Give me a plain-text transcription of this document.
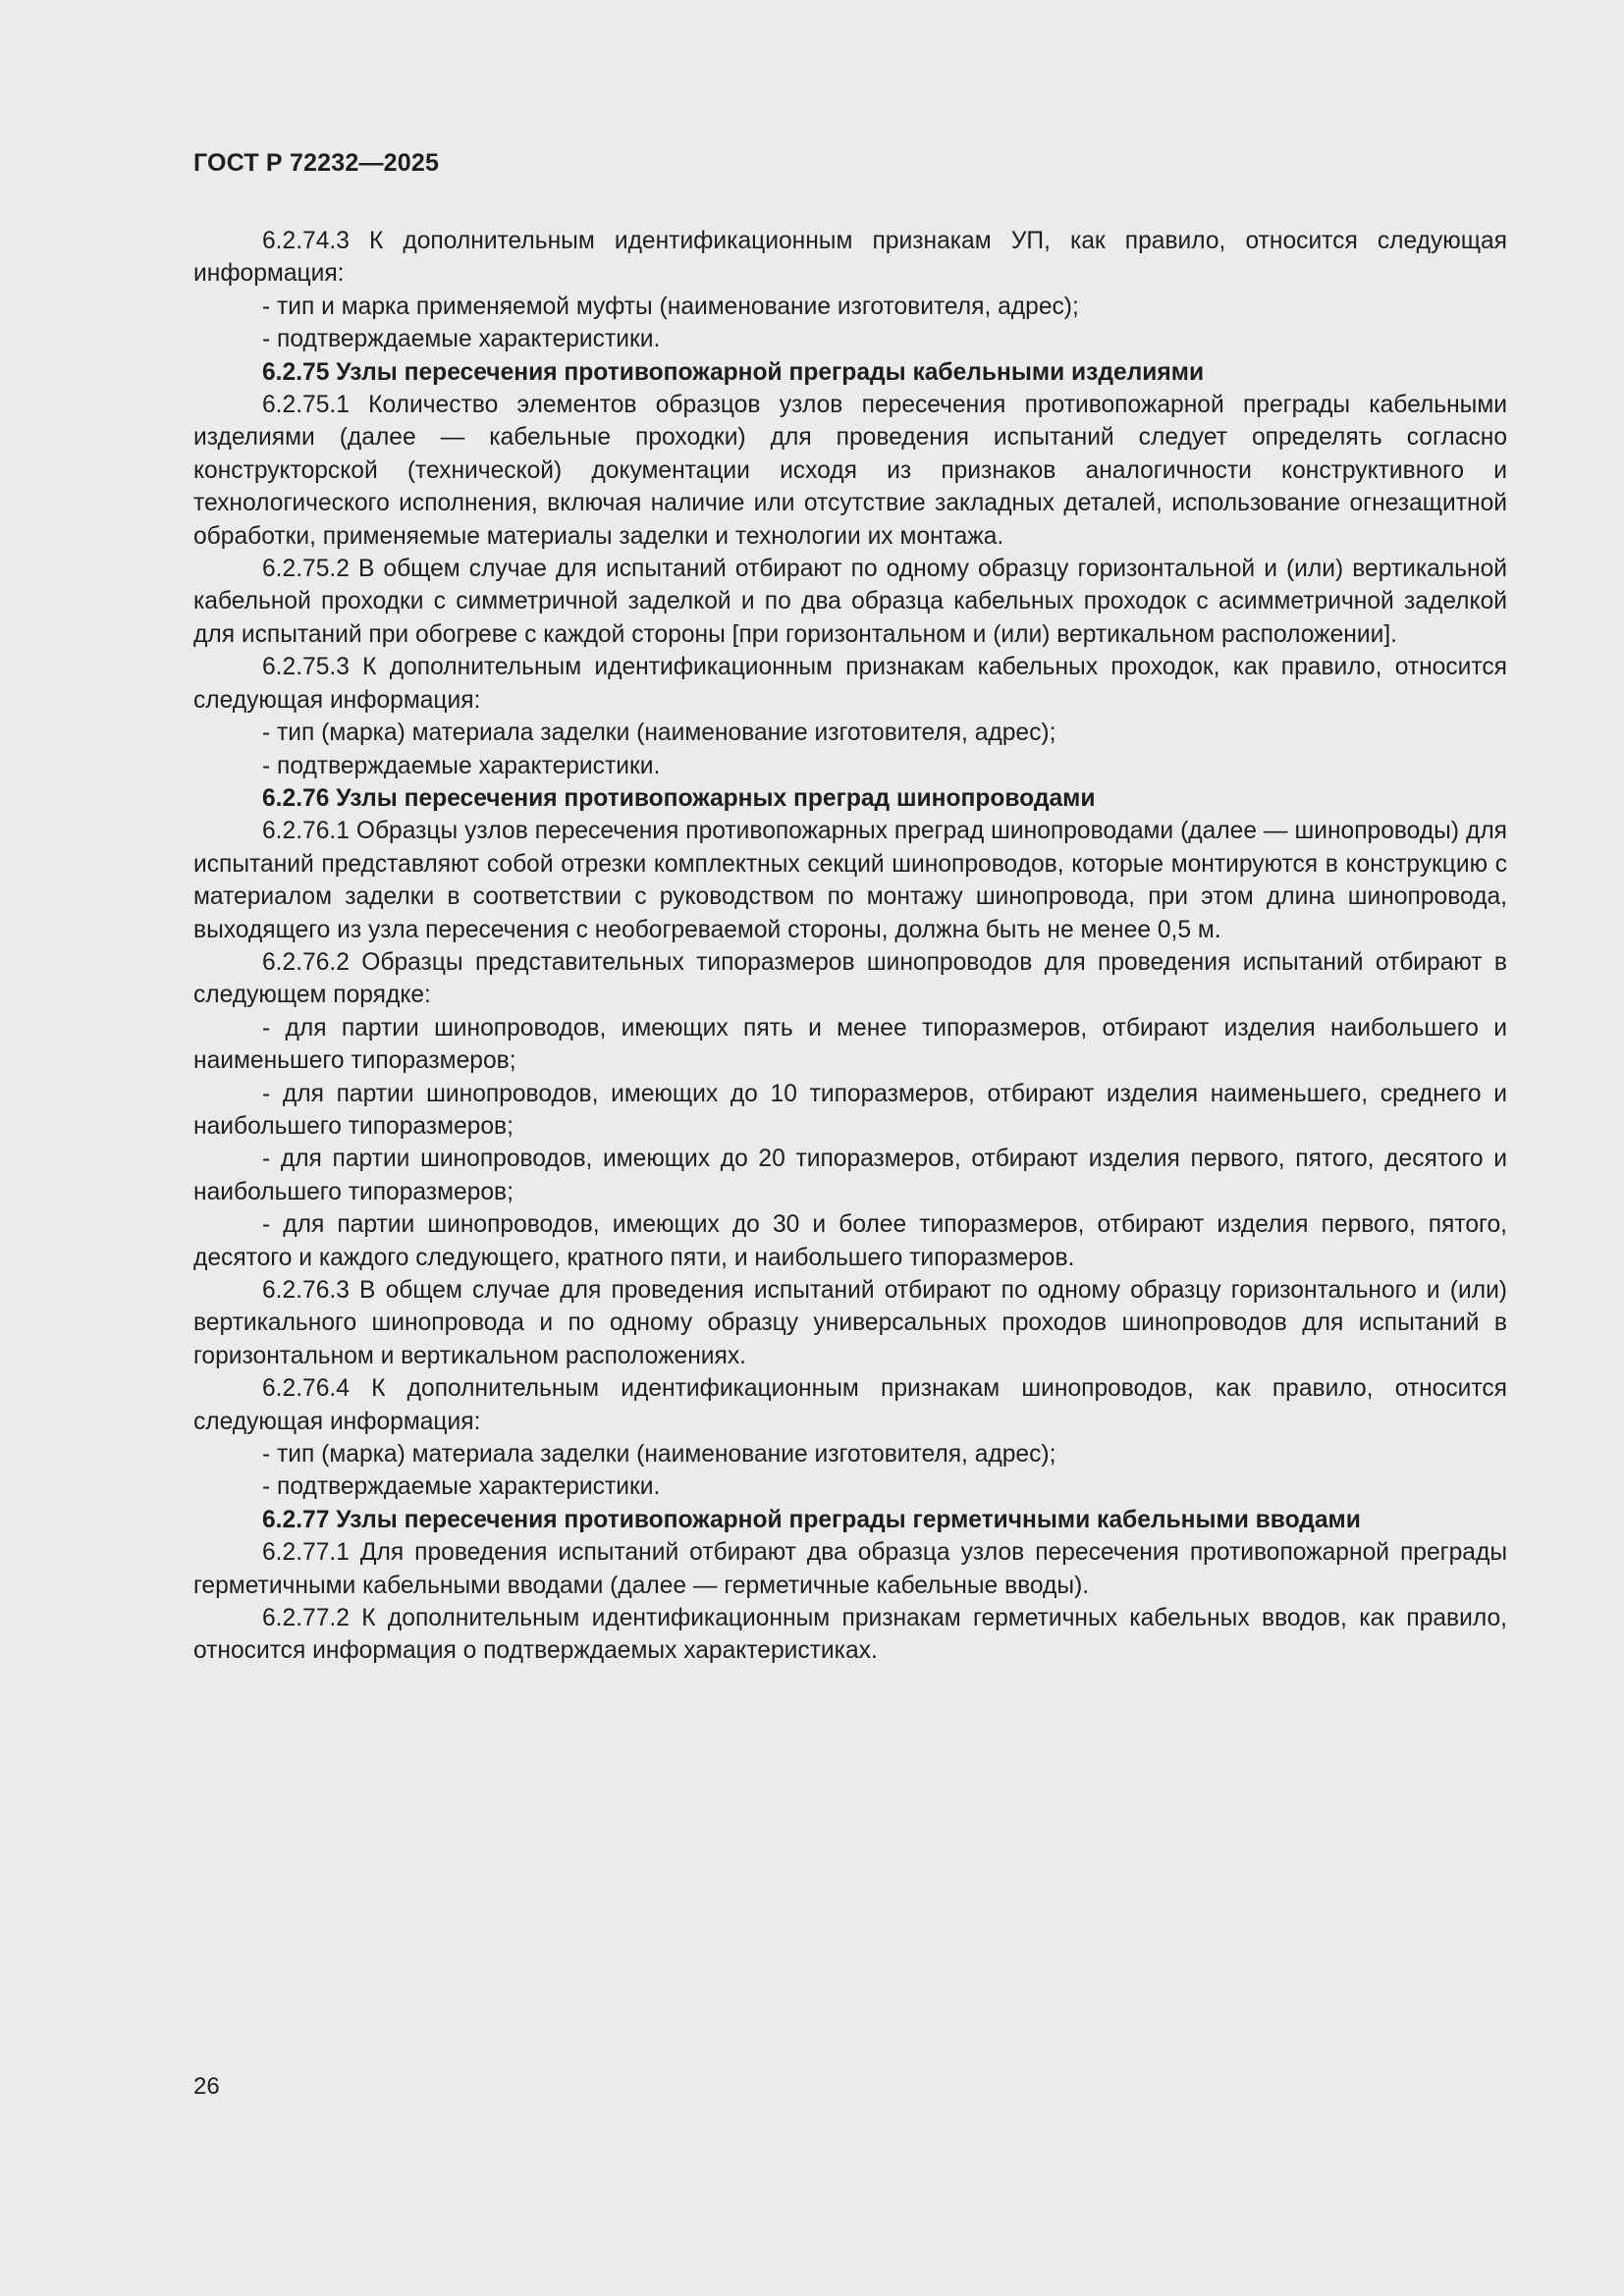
ГОСТ Р 72232—2025

6.2.74.3 К дополнительным идентификационным признакам УП, как правило, относится следующая информация:

- тип и марка применяемой муфты (наименование изготовителя, адрес);

- подтверждаемые характеристики.

6.2.75 Узлы пересечения противопожарной преграды кабельными изделиями

6.2.75.1 Количество элементов образцов узлов пересечения противопожарной преграды кабельными изделиями (далее — кабельные проходки) для проведения испытаний следует определять согласно конструкторской (технической) документации исходя из признаков аналогичности конструктивного и технологического исполнения, включая наличие или отсутствие закладных деталей, использование огнезащитной обработки, применяемые материалы заделки и технологии их монтажа.

6.2.75.2 В общем случае для испытаний отбирают по одному образцу горизонтальной и (или) вертикальной кабельной проходки с симметричной заделкой и по два образца кабельных проходок с асимметричной заделкой для испытаний при обогреве с каждой стороны [при горизонтальном и (или) вертикальном расположении].

6.2.75.3 К дополнительным идентификационным признакам кабельных проходок, как правило, относится следующая информация:

- тип (марка) материала заделки (наименование изготовителя, адрес);

- подтверждаемые характеристики.

6.2.76 Узлы пересечения противопожарных преград шинопроводами

6.2.76.1 Образцы узлов пересечения противопожарных преград шинопроводами (далее — шинопроводы) для испытаний представляют собой отрезки комплектных секций шинопроводов, которые монтируются в конструкцию с материалом заделки в соответствии с руководством по монтажу шинопровода, при этом длина шинопровода, выходящего из узла пересечения с необогреваемой стороны, должна быть не менее 0,5 м.

6.2.76.2 Образцы представительных типоразмеров шинопроводов для проведения испытаний отбирают в следующем порядке:

- для партии шинопроводов, имеющих пять и менее типоразмеров, отбирают изделия наибольшего и наименьшего типоразмеров;

- для партии шинопроводов, имеющих до 10 типоразмеров, отбирают изделия наименьшего, среднего и наибольшего типоразмеров;

- для партии шинопроводов, имеющих до 20 типоразмеров, отбирают изделия первого, пятого, десятого и наибольшего типоразмеров;

- для партии шинопроводов, имеющих до 30 и более типоразмеров, отбирают изделия первого, пятого, десятого и каждого следующего, кратного пяти, и наибольшего типоразмеров.

6.2.76.3 В общем случае для проведения испытаний отбирают по одному образцу горизонтального и (или) вертикального шинопровода и по одному образцу универсальных проходов шинопроводов для испытаний в горизонтальном и вертикальном расположениях.

6.2.76.4 К дополнительным идентификационным признакам шинопроводов, как правило, относится следующая информация:

- тип (марка) материала заделки (наименование изготовителя, адрес);

- подтверждаемые характеристики.

6.2.77 Узлы пересечения противопожарной преграды герметичными кабельными вводами

6.2.77.1 Для проведения испытаний отбирают два образца узлов пересечения противопожарной преграды герметичными кабельными вводами (далее — герметичные кабельные вводы).

6.2.77.2 К дополнительным идентификационным признакам герметичных кабельных вводов, как правило, относится информация о подтверждаемых характеристиках.

26
